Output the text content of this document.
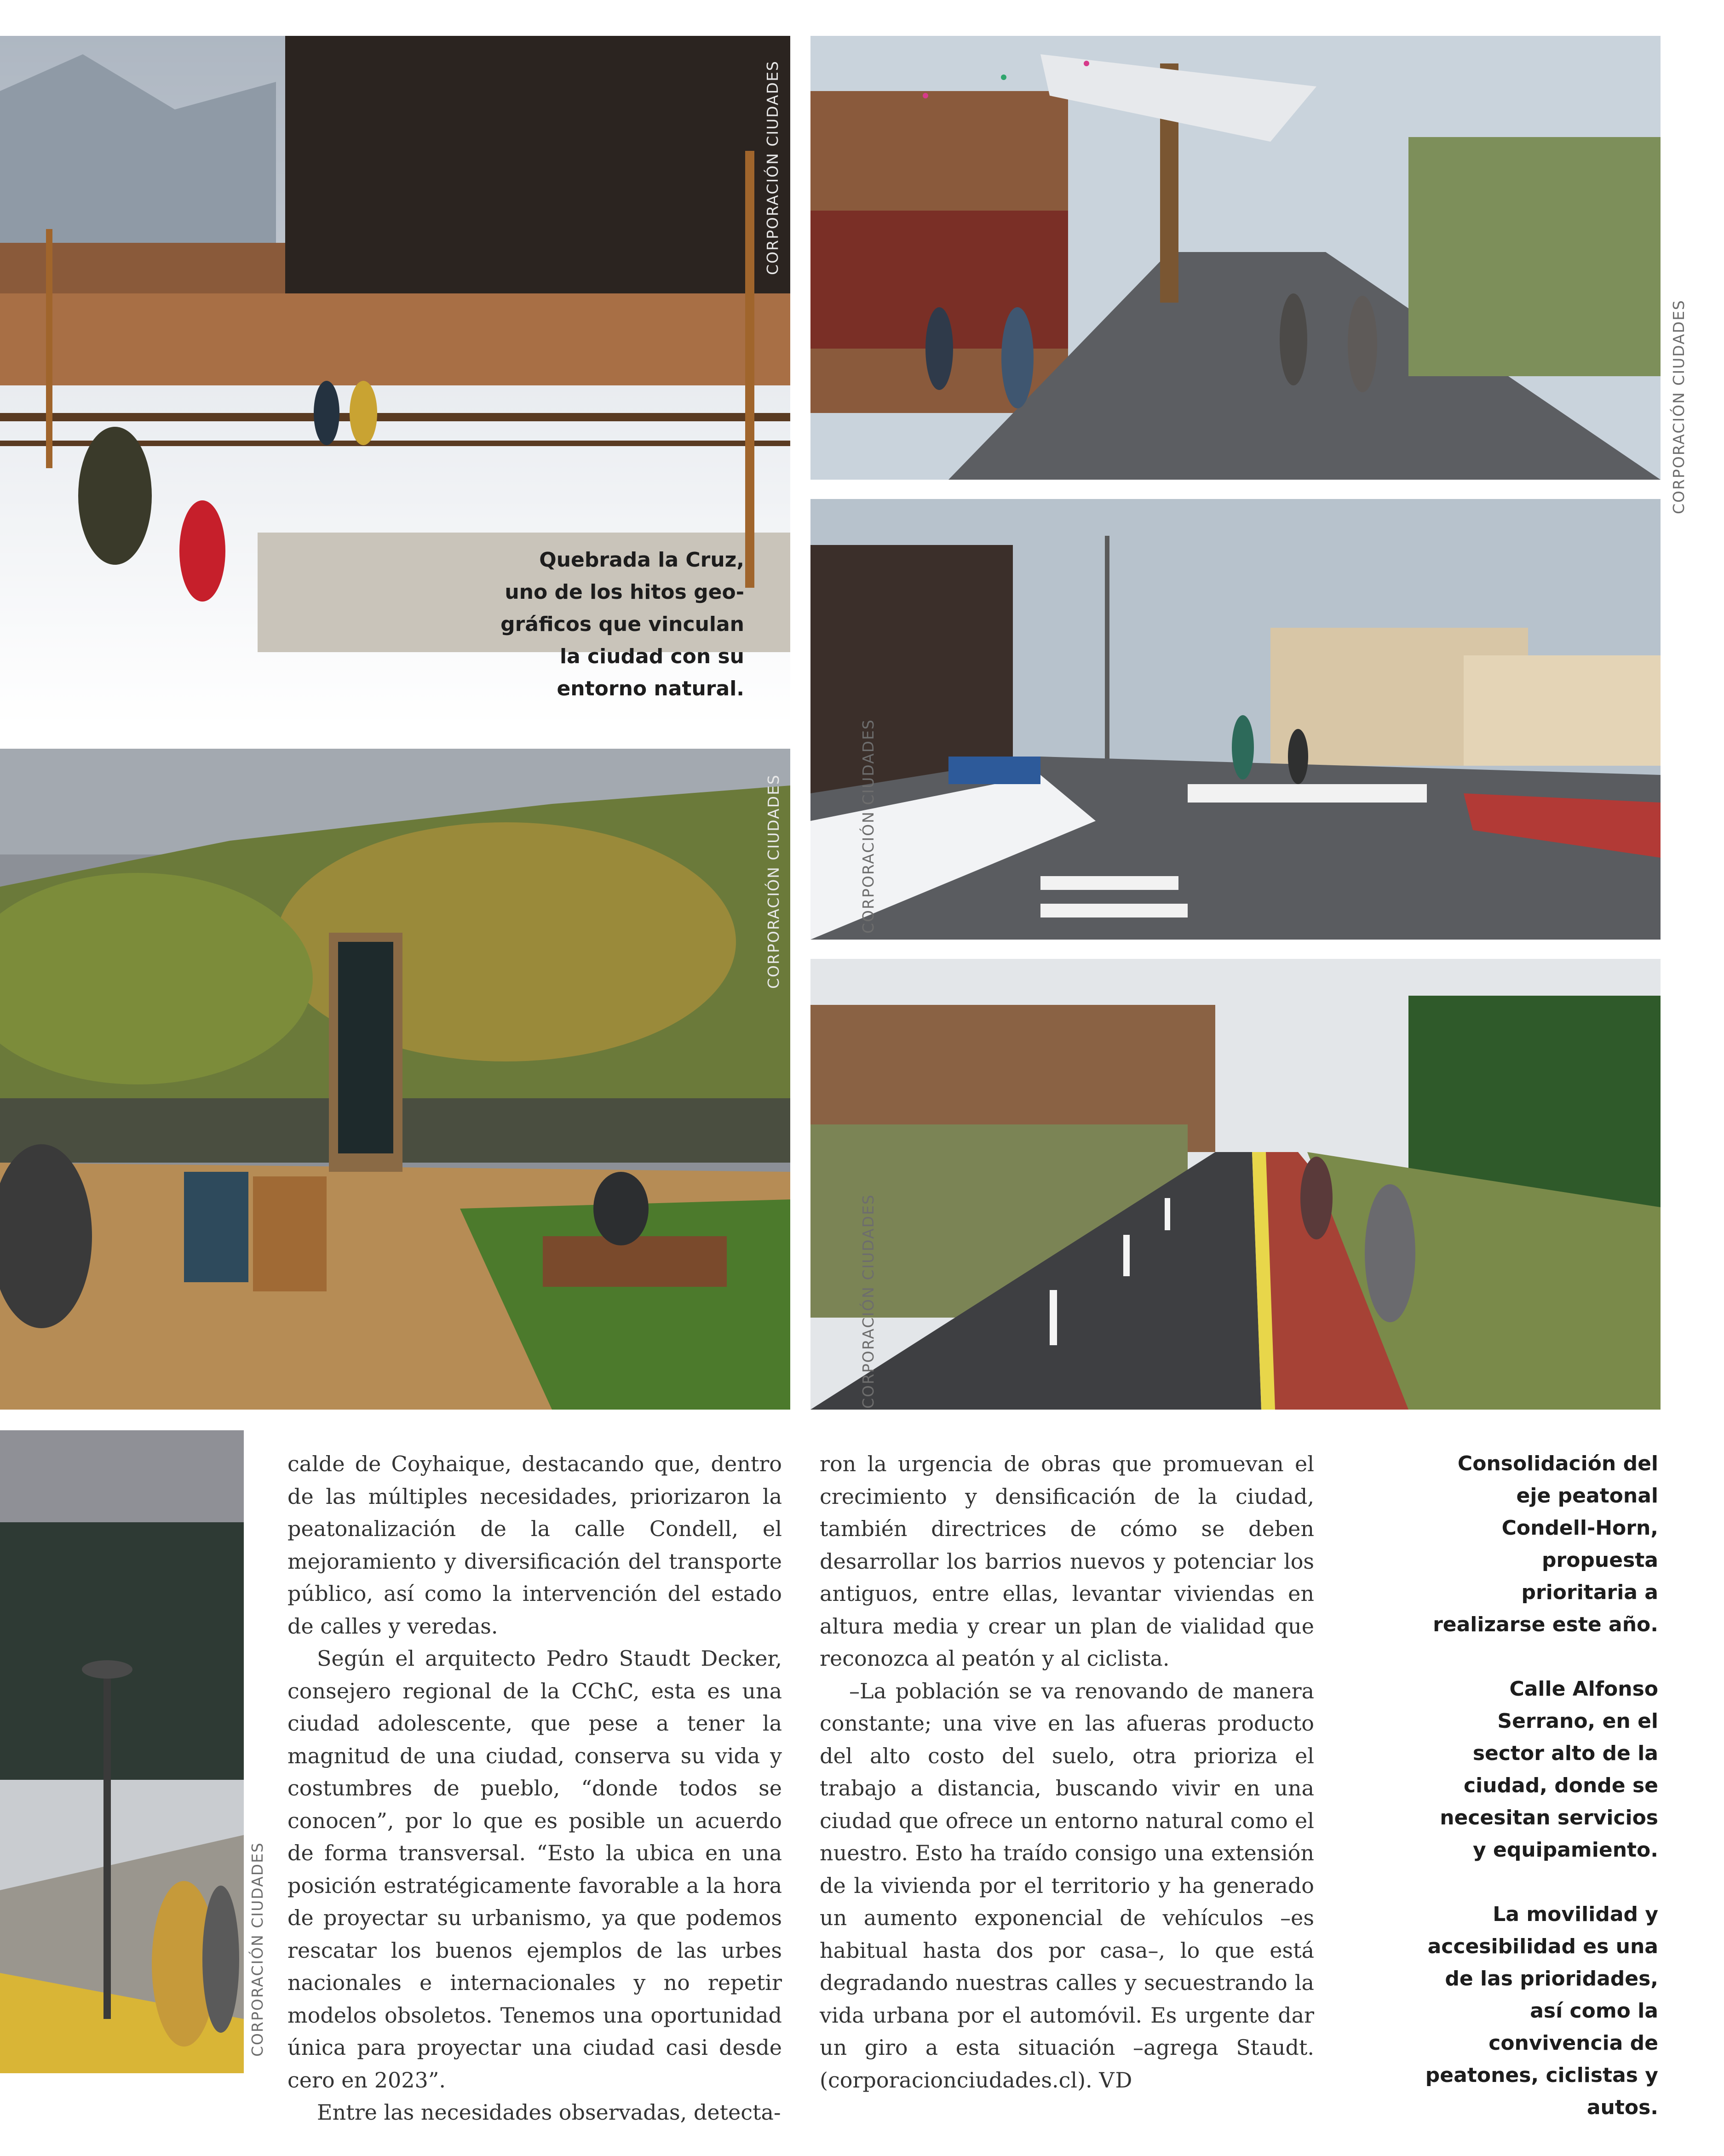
CORPORACIÓN CIUDADES
Quebrada la Cruz,
uno de los hitos geo-
gráficos que vinculan
la ciudad con su
entorno natural.
CORPORACIÓN CIUDADES
CORPORACIÓN CIUDADES	CORPORACIÓN CIUDADES
CORPORACIÓN CIUDADES
CORPORACIÓN CIUDADES

calde de Coyhaique, destacando que, dentro de las múltiples necesidades, priorizaron la peatonalización de la calle Condell, el mejoramiento y diversificación del transporte público, así como la intervención del estado de calles y veredas.

Según el arquitecto Pedro Staudt Decker, consejero regional de la CChC, esta es una ciudad adolescente, que pese a tener la magnitud de una ciudad, conserva su vida y costumbres de pueblo, “donde todos se conocen”, por lo que es posible un acuerdo de forma transversal. “Esto la ubica en una posición estratégicamente favorable a la hora de proyectar su urbanismo, ya que podemos rescatar los buenos ejemplos de las urbes nacionales e internacionales y no repetir modelos obsoletos. Tenemos una oportunidad única para proyectar una ciudad casi desde cero en 2023”.

Entre las necesidades observadas, detecta-

ron la urgencia de obras que promuevan el crecimiento y densificación de la ciudad, también directrices de cómo se deben desarrollar los barrios nuevos y potenciar los antiguos, entre ellas, levantar viviendas en altura media y crear un plan de vialidad que reconozca al peatón y al ciclista.

–La población se va renovando de manera constante; una vive en las afueras producto del alto costo del suelo, otra prioriza el trabajo a distancia, buscando vivir en una ciudad que ofrece un entorno natural como el nuestro. Esto ha traído consigo una extensión de la vivienda por el territorio y ha generado un aumento exponencial de vehículos –es habitual hasta dos por casa–, lo que está degradando nuestras calles y secuestrando la vida urbana por el automóvil. Es urgente dar un giro a esta situación –agrega Staudt. (corporacionciudades.cl). VD

Consolidación del eje peatonal Condell-Horn, propuesta prioritaria a realizarse este año.

Calle Alfonso Serrano, en el sector alto de la ciudad, donde se necesitan servicios y equipamiento.

La movilidad y accesibilidad es una de las prioridades, así como la convivencia de peatones, ciclistas y autos.
